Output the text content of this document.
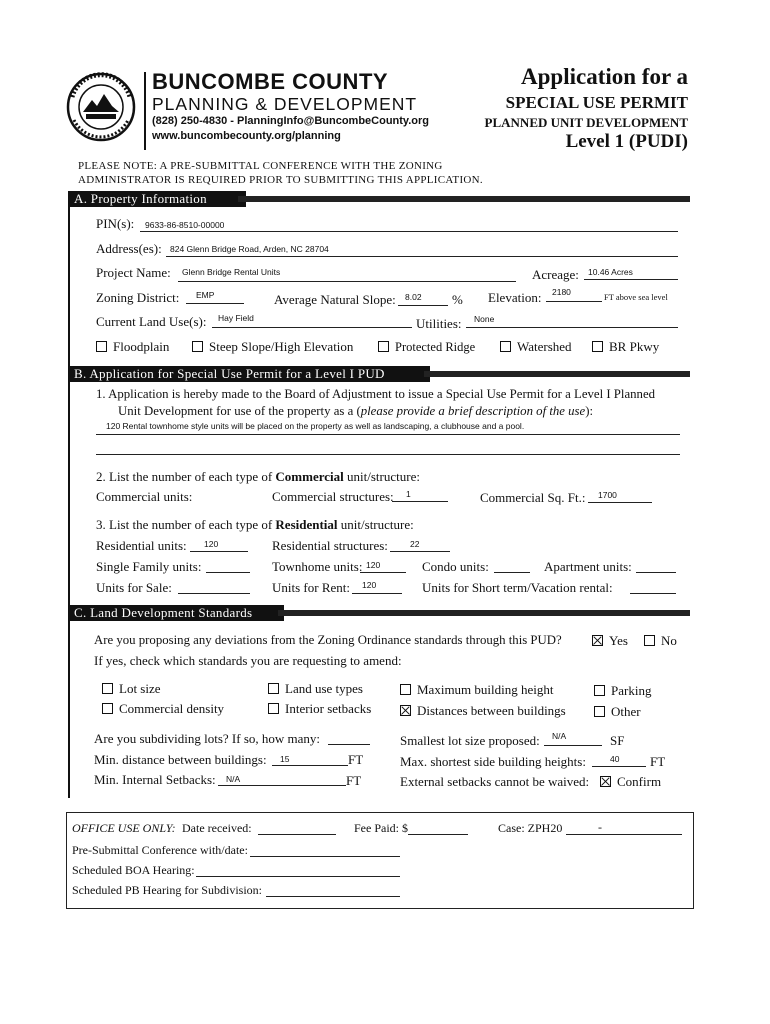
BUNCOMBE COUNTY
PLANNING & DEVELOPMENT
(828) 250-4830 - PlanningInfo@BuncombeCounty.org
www.buncombecounty.org/planning
Application for a
SPECIAL USE PERMIT
PLANNED UNIT DEVELOPMENT
Level 1 (PUDI)
PLEASE NOTE: A PRE-SUBMITTAL CONFERENCE WITH THE ZONING
ADMINISTRATOR IS REQUIRED PRIOR TO SUBMITTING THIS APPLICATION.
A. Property Information
PIN(s): 9633-86-8510-00000
Address(es): 824 Glenn Bridge Road, Arden, NC 28704
Project Name: Glenn Bridge Rental Units	Acreage: 10.46 Acres
Zoning District: EMP	Average Natural Slope: 8.02 % Elevation: 2180	FT above sea level
Current Land Use(s): Hay Field	Utilities: None
Floodplain	Steep Slope/High Elevation	Protected Ridge	Watershed	BR Pkwy
B. Application for Special Use Permit for a Level I PUD
1. Application is hereby made to the Board of Adjustment to issue a Special Use Permit for a Level I Planned
Unit Development for use of the property as a (please provide a brief description of the use):
120 Rental townhome style units will be placed on the property as well as landscaping, a clubhouse and a pool.
2. List the number of each type of Commercial unit/structure:
Commercial units:	Commercial structures: 1	Commercial Sq. Ft.: 1700
3. List the number of each type of Residential unit/structure:
Residential units: 120	Residential structures:	22
Single Family units:	Townhome units: 120	Condo units:	Apartment units:
Units for Sale:	Units for Rent: 120	Units for Short term/Vacation rental:
C. Land Development Standards
Are you proposing any deviations from the Zoning Ordinance standards through this PUD?	Yes	No
If yes, check which standards you are requesting to amend:
Lot size	Land use types	Maximum building height	Parking
Commercial density	Interior setbacks	Distances between buildings	Other
Are you subdividing lots? If so, how many:	Smallest lot size proposed: N/A	SF
Min. distance between buildings: 15	FT	Max. shortest side building heights:	40 FT
Min. Internal Setbacks: N/A	FT	External setbacks cannot be waived:	Confirm
OFFICE USE ONLY: Date received:	Fee Paid: $	Case: ZPH20	-
Pre-Submittal Conference with/date:
Scheduled BOA Hearing:
Scheduled PB Hearing for Subdivision:
